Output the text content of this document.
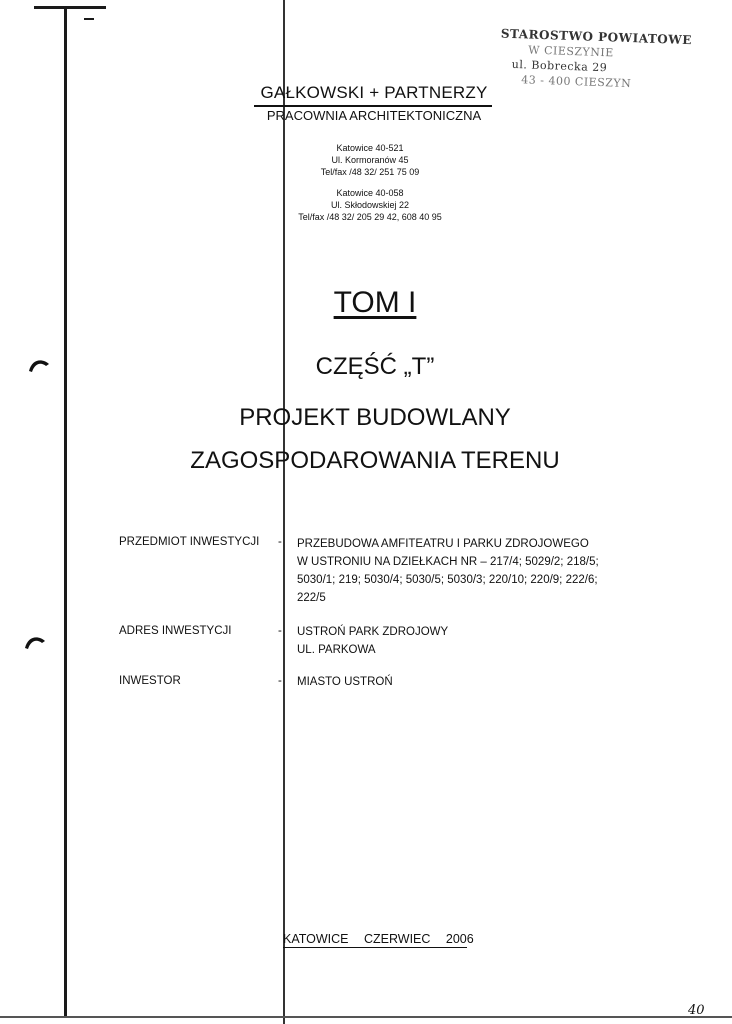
STAROSTWO POWIATOWE
W CIESZYNIE
ul. Bobrecka 29
43 - 400 CIESZYN
GAŁKOWSKI + PARTNERZY
PRACOWNIA ARCHITEKTONICZNA
Katowice 40-521
Ul. Kormoranów 45
Tel/fax /48 32/ 251 75 09
Katowice 40-058
Ul. Skłodowskiej 22
Tel/fax /48 32/ 205 29 42, 608 40 95
TOM I
CZĘŚĆ „T”
PROJEKT BUDOWLANY
ZAGOSPODAROWANIA TERENU
PRZEDMIOT INWESTYCJI - PRZEBUDOWA AMFITEATRU I PARKU ZDROJOWEGO
W USTRONIU NA DZIEŁKACH NR – 217/4; 5029/2; 218/5;
5030/1; 219; 5030/4; 5030/5; 5030/3; 220/10; 220/9; 222/6;
222/5
ADRES INWESTYCJI	- USTROŃ PARK ZDROJOWY
UL. PARKOWA
INWESTOR	- MIASTO USTROŃ
KATOWICE CZERWIEC 2006
40
